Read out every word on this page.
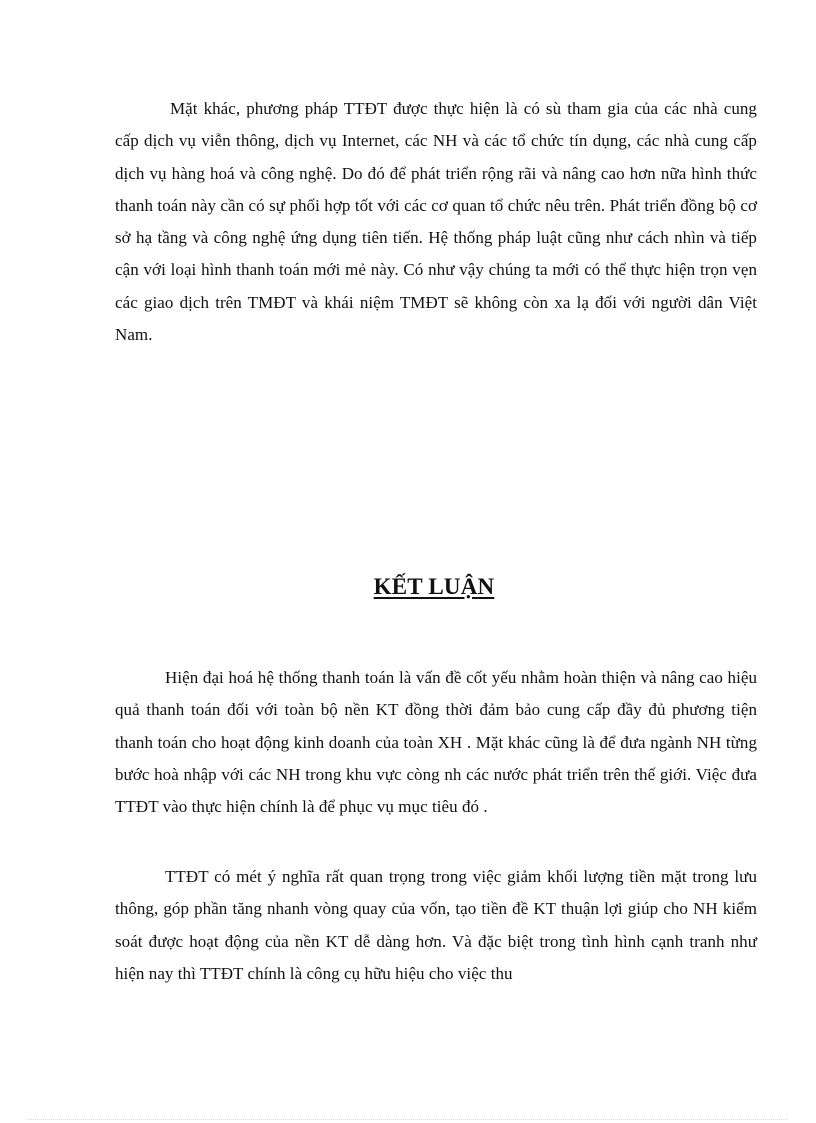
Mặt khác, phương pháp TTĐT được thực hiện là có sù tham gia của các nhà cung cấp dịch vụ viễn thông, dịch vụ Internet, các NH và các tổ chức tín dụng, các nhà cung cấp dịch vụ hàng hoá và công nghệ. Do đó để phát triển rộng rãi và nâng cao hơn nữa hình thức thanh toán này cần có sự phối hợp tốt với các cơ quan tổ chức nêu trên. Phát triển đồng bộ cơ sở hạ tầng và công nghệ ứng dụng tiên tiến. Hệ thống pháp luật cũng như cách nhìn và tiếp cận với loại hình thanh toán mới mẻ này. Có như vậy chúng ta mới có thể thực hiện trọn vẹn các giao dịch trên TMĐT và khái niệm TMĐT sẽ không còn xa lạ đối với người dân Việt Nam.

KẾT LUẬN

Hiện đại hoá hệ thống thanh toán là vấn đề cốt yếu nhằm hoàn thiện và nâng cao hiệu quả thanh toán đối với toàn bộ nền KT đồng thời đảm bảo cung cấp đầy đủ phương tiện thanh toán cho hoạt động kinh doanh của toàn XH . Mặt khác cũng là để đưa ngành NH từng bước hoà nhập với các NH trong khu vực còng nh các nước phát triển trên thế giới. Việc đưa TTĐT vào thực hiện chính là để phục vụ mục tiêu đó .

TTĐT có mét ý nghĩa rất quan trọng trong việc giảm khối lượng tiền mặt trong lưu thông, góp phần tăng nhanh vòng quay của vốn, tạo tiền đề KT thuận lợi giúp cho NH kiểm soát được hoạt động của nền KT dễ dàng hơn. Và đặc biệt trong tình hình cạnh tranh như hiện nay thì TTĐT chính là công cụ hữu hiệu cho việc thu
